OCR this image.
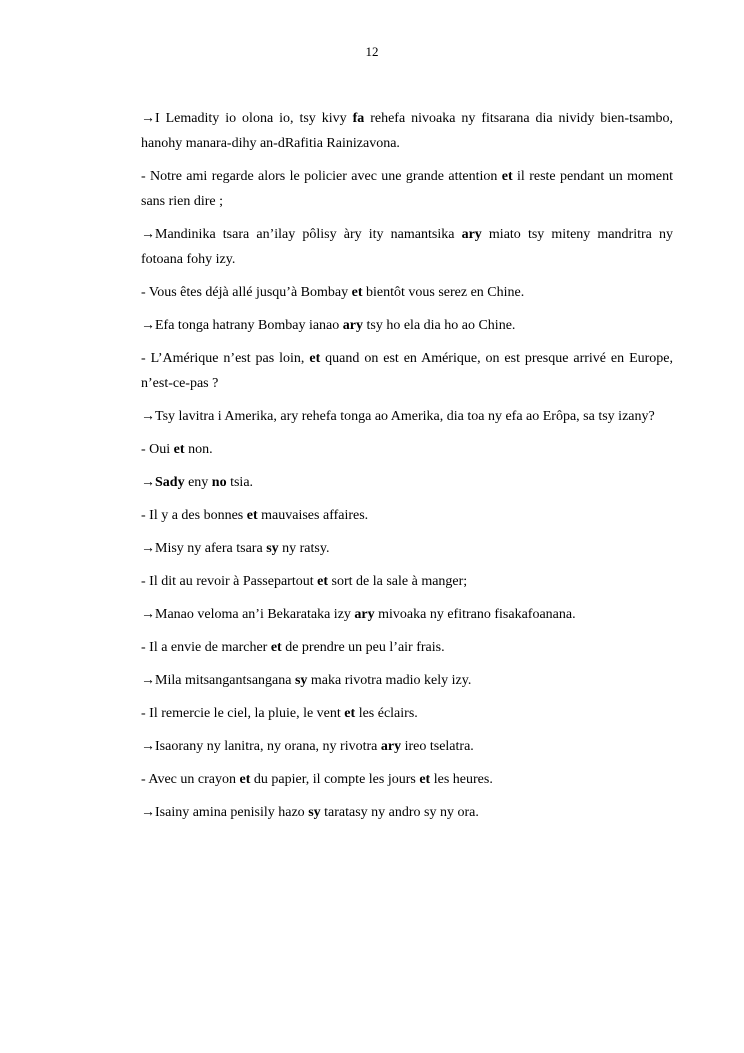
12

→I Lemadity io olona io, tsy kivy fa rehefa nivoaka ny fitsarana dia nividy bien-tsambo, hanohy manara-dihy an-dRafitia Rainizavona.

- Notre ami regarde alors le policier avec une grande attention et il reste pendant un moment sans rien dire ;

→Mandinika tsara an’ilay pôlisy àry ity namantsika ary miato tsy miteny mandritra ny fotoana fohy izy.

- Vous êtes déjà allé jusqu’à Bombay et bientôt vous serez en Chine.

→Efa tonga hatrany Bombay ianao ary tsy ho ela dia ho ao Chine.

- L’Amérique n’est pas loin, et quand on est en Amérique, on est presque arrivé en Europe, n’est-ce-pas ?

→Tsy lavitra i Amerika, ary rehefa tonga ao Amerika, dia toa ny efa ao Erôpa, sa tsy izany?

- Oui et non.

→Sady eny no tsia.

- Il y a des bonnes et mauvaises affaires.

→Misy ny afera tsara sy ny ratsy.

- Il dit au revoir à Passepartout et sort de la sale à manger;

→Manao veloma an’i Bekarataka izy ary mivoaka ny efitrano fisakafoanana.

- Il a envie de marcher et de prendre un peu l’air frais.

→Mila mitsangantsangana sy maka rivotra madio kely izy.

- Il remercie le ciel, la pluie, le vent et les éclairs.

→Isaorany ny lanitra, ny orana, ny rivotra ary ireo tselatra.

- Avec un crayon et du papier, il compte les jours et les heures.

→Isainy amina penisily hazo sy taratasy ny andro sy ny ora.
